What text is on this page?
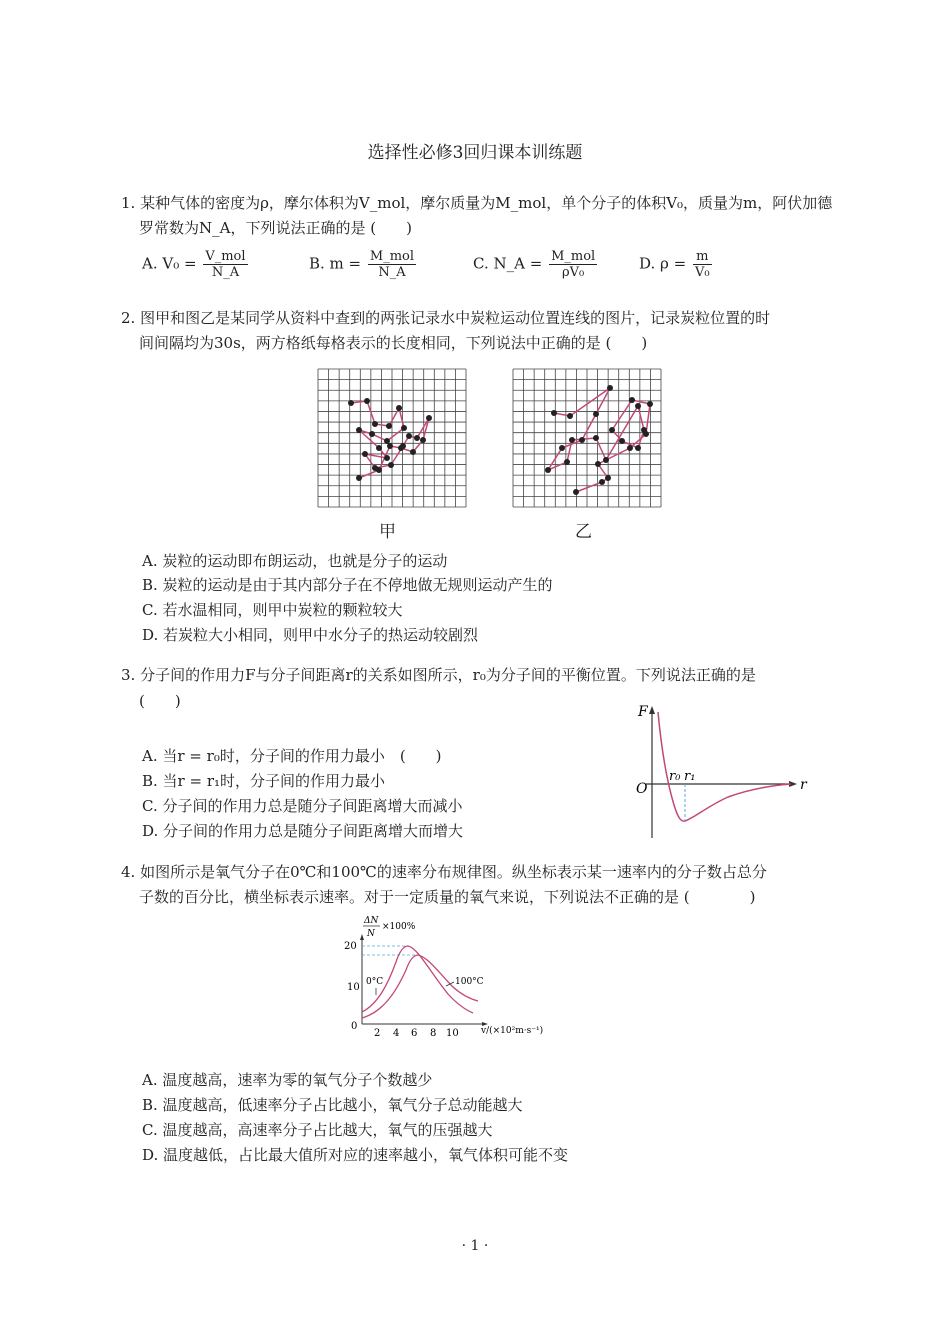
选择性必修3回归课本训练题
1. 某种气体的密度为ρ，摩尔体积为V_mol，摩尔质量为M_mol，单个分子的体积V₀，质量为m，阿伏加德
罗常数为N_A，下列说法正确的是 (　　)
A. $V_0 = \frac{\text{V\_mol}}{N\_A}$	B. $m = \frac{\text{M\_mol}}{N\_A}$	C. N_A = $\frac{\text{M\_mol}}{\text{ρV₀}}$	D. $\rho = \frac{m}{\text{V₀}}$
2. 图甲和图乙是某同学从资料中查到的两张记录水中炭粒运动位置连线的图片，记录炭粒位置的时
间间隔均为30s，两方格纸每格表示的长度相同，下列说法中正确的是 (　　)
甲	乙
A. 炭粒的运动即布朗运动，也就是分子的运动
B. 炭粒的运动是由于其内部分子在不停地做无规则运动产生的
C. 若水温相同，则甲中炭粒的颗粒较大
D. 若炭粒大小相同，则甲中水分子的热运动较剧烈
3. 分子间的作用力F与分子间距离r的关系如图所示，r₀为分子间的平衡位置。下列说法正确的是
(　　)
A. 当r = r₀时，分子间的作用力最小　(　　)
B. 当r = r₁时，分子间的作用力最小
C. 分子间的作用力总是随分子间距离增大而减小
D. 分子间的作用力总是随分子间距离增大而增大
F
r
O
r₀ r₁
4. 如图所示是氧气分子在0℃和100℃的速率分布规律图。纵坐标表示某一速率内的分子数占总分
子数的百分比，横坐标表示速率。对于一定质量的氧气来说，下列说法不正确的是 (　　　　)
ΔN
N
×100%
20
10
0
2 4 6 8 10 v/(×10²m·s⁻¹)
0°C	100°C
A. 温度越高，速率为零的氧气分子个数越少
B. 温度越高，低速率分子占比越小，氧气分子总动能越大
C. 温度越高，高速率分子占比越大，氧气的压强越大
D. 温度越低，占比最大值所对应的速率越小，氧气体积可能不变
· 1 ·
